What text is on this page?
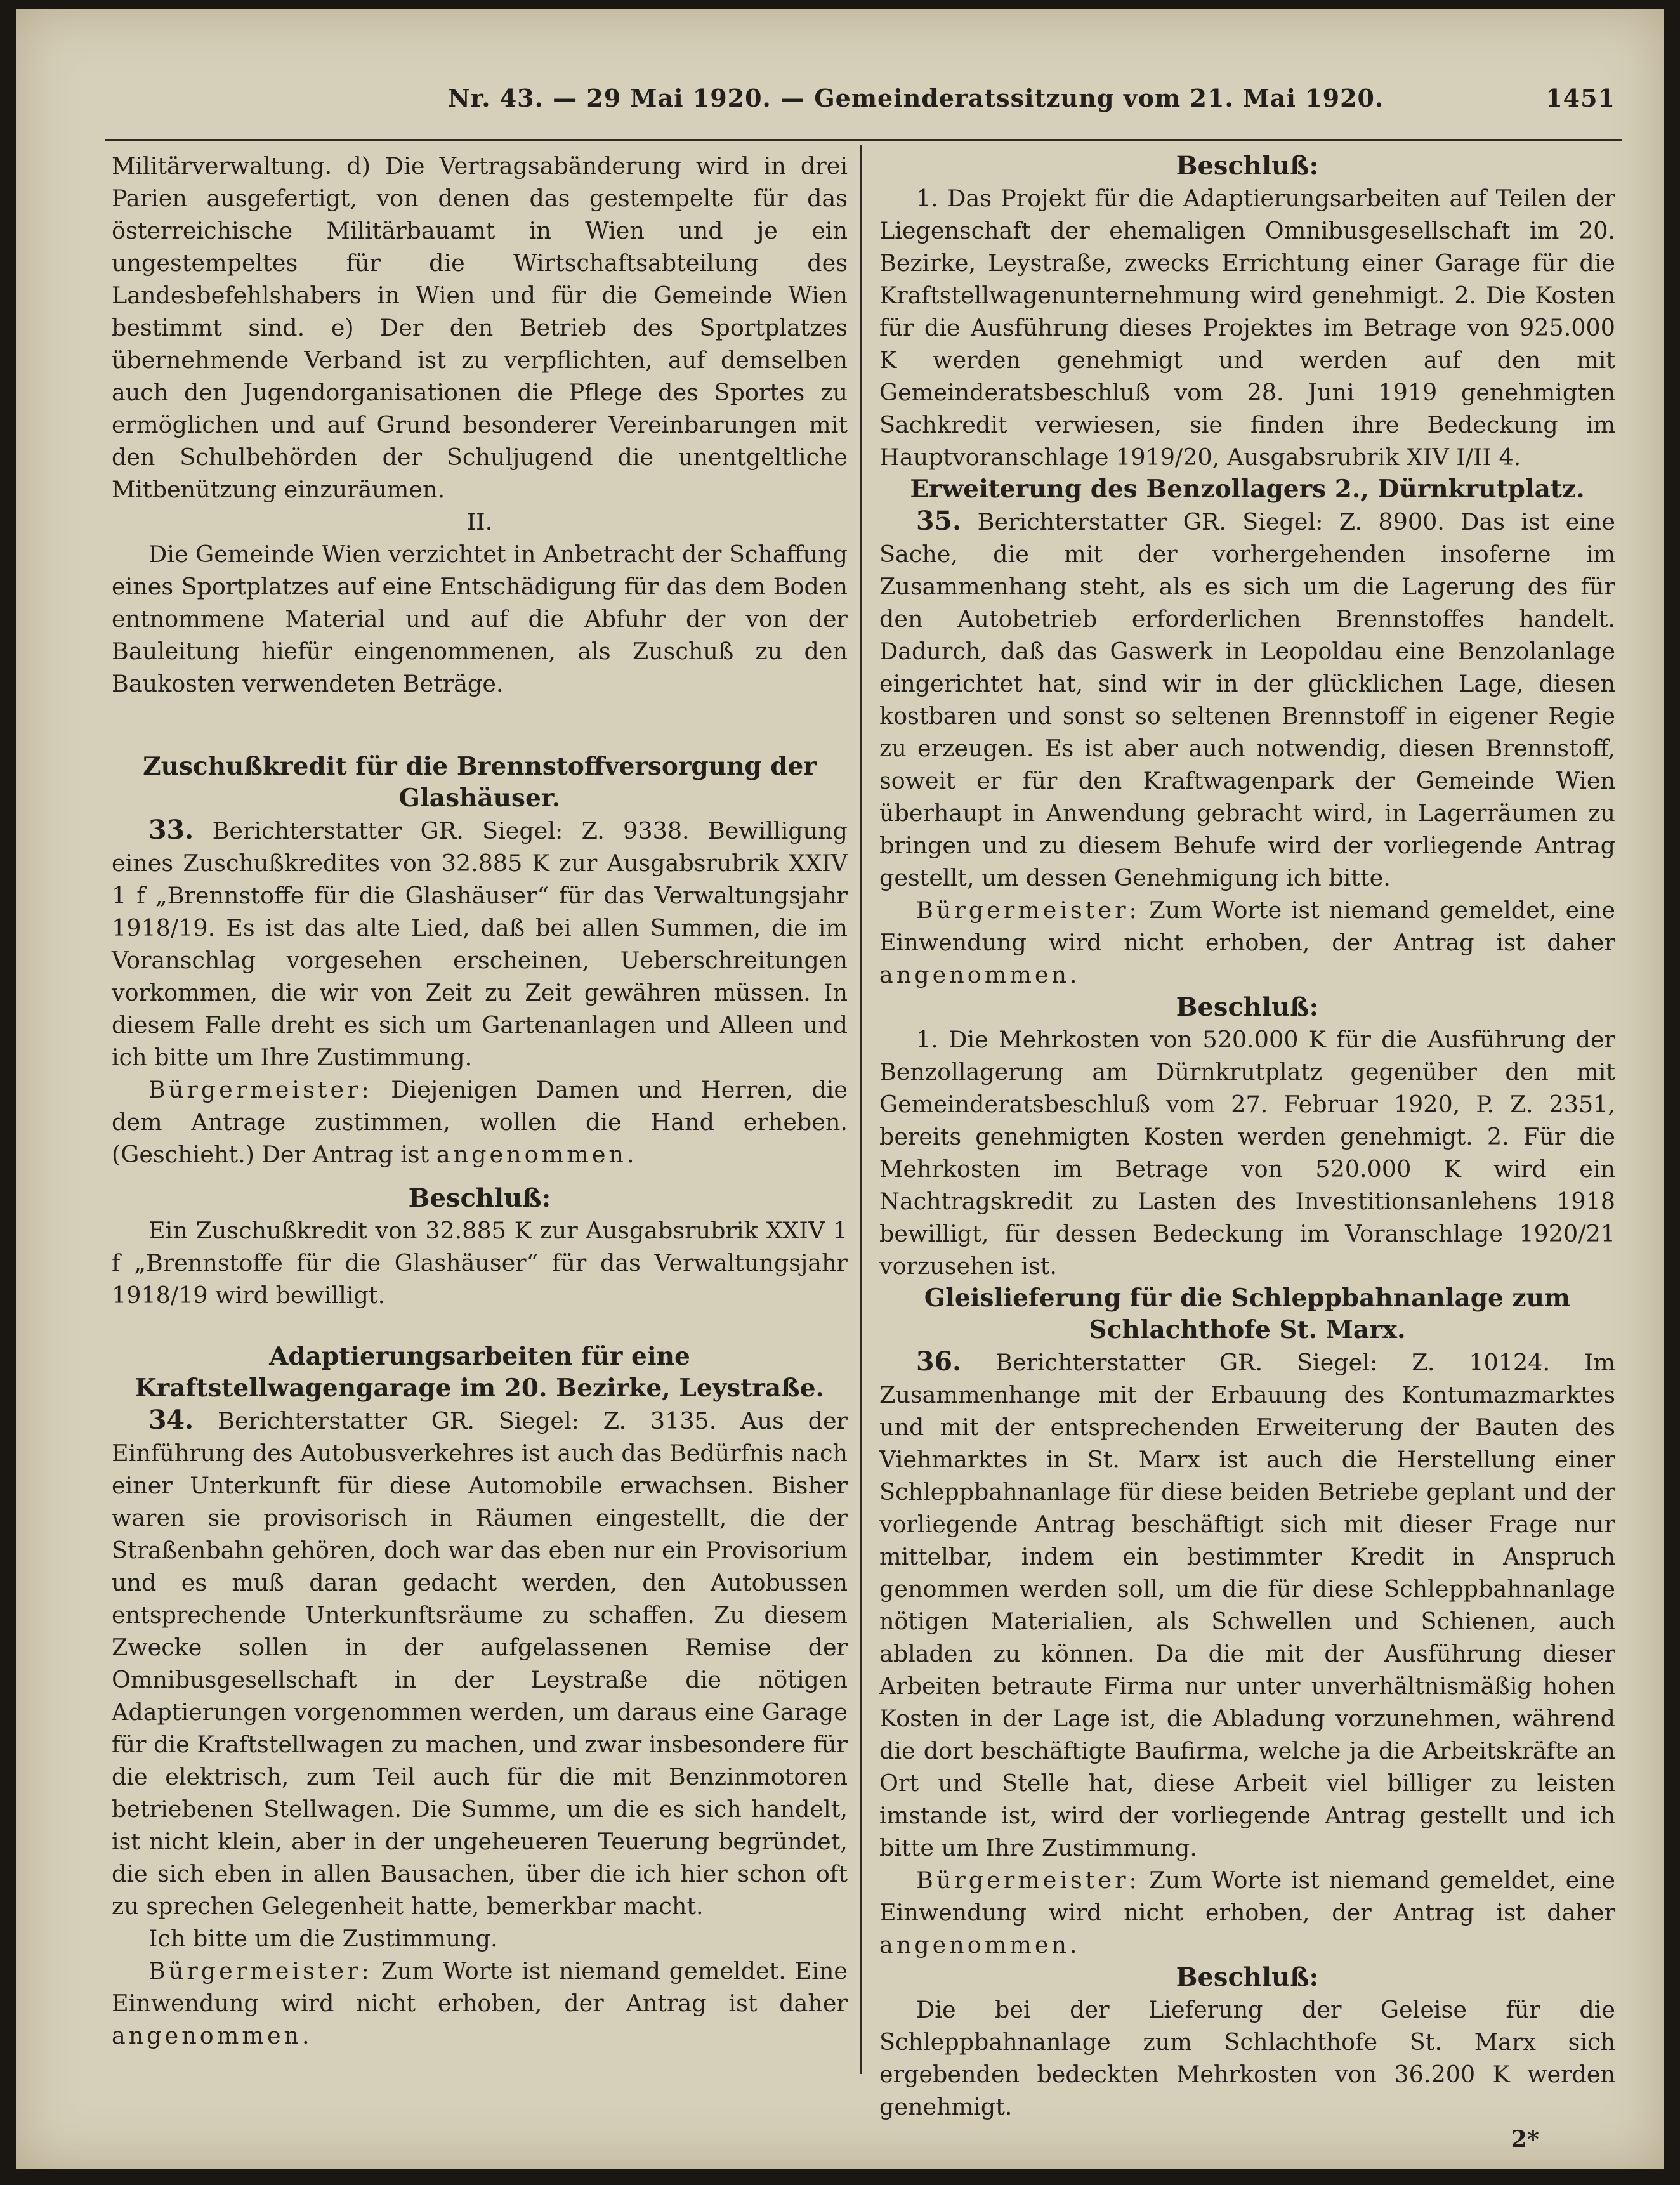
Nr. 43. — 29 Mai 1920. — Gemeinderatssitzung vom 21. Mai 1920.	1451

Militärverwaltung. d) Die Vertragsabänderung wird in drei Parien ausgefertigt, von denen das gestempelte für das österreichische Militärbauamt in Wien und je ein ungestempeltes für die Wirtschaftsabteilung des Landesbefehlshabers in Wien und für die Gemeinde Wien bestimmt sind. e) Der den Betrieb des Sportplatzes übernehmende Verband ist zu verpflichten, auf demselben auch den Jugendorganisationen die Pflege des Sportes zu ermöglichen und auf Grund besonderer Vereinbarungen mit den Schulbehörden der Schuljugend die unentgeltliche Mitbenützung einzuräumen.

II.

Die Gemeinde Wien verzichtet in Anbetracht der Schaffung eines Sportplatzes auf eine Entschädigung für das dem Boden entnommene Material und auf die Abfuhr der von der Bauleitung hiefür eingenommenen, als Zuschuß zu den Baukosten verwendeten Beträge.

Zuschußkredit für die Brennstoffversorgung der Glashäuser.

33. Berichterstatter GR. Siegel: Z. 9338. Bewilligung eines Zuschußkredites von 32.885 K zur Ausgabsrubrik XXIV 1 f „Brennstoffe für die Glashäuser“ für das Verwaltungsjahr 1918/19. Es ist das alte Lied, daß bei allen Summen, die im Voranschlag vorgesehen erscheinen, Ueberschreitungen vorkommen, die wir von Zeit zu Zeit gewähren müssen. In diesem Falle dreht es sich um Gartenanlagen und Alleen und ich bitte um Ihre Zustimmung.

Bürgermeister: Diejenigen Damen und Herren, die dem Antrage zustimmen, wollen die Hand erheben. (Geschieht.) Der Antrag ist angenommen.

Beschluß:

Ein Zuschußkredit von 32.885 K zur Ausgabsrubrik XXIV 1 f „Brennstoffe für die Glashäuser“ für das Verwaltungsjahr 1918/19 wird bewilligt.

Adaptierungsarbeiten für eine Kraftstellwagengarage im 20. Bezirke, Leystraße.

34. Berichterstatter GR. Siegel: Z. 3135. Aus der Einführung des Autobusverkehres ist auch das Bedürfnis nach einer Unterkunft für diese Automobile erwachsen. Bisher waren sie provisorisch in Räumen eingestellt, die der Straßenbahn gehören, doch war das eben nur ein Provisorium und es muß daran gedacht werden, den Autobussen entsprechende Unterkunftsräume zu schaffen. Zu diesem Zwecke sollen in der aufgelassenen Remise der Omnibusgesellschaft in der Leystraße die nötigen Adaptierungen vorgenommen werden, um daraus eine Garage für die Kraftstellwagen zu machen, und zwar insbesondere für die elektrisch, zum Teil auch für die mit Benzinmotoren betriebenen Stellwagen. Die Summe, um die es sich handelt, ist nicht klein, aber in der ungeheueren Teuerung begründet, die sich eben in allen Bausachen, über die ich hier schon oft zu sprechen Gelegenheit hatte, bemerkbar macht.

Ich bitte um die Zustimmung.

Bürgermeister: Zum Worte ist niemand gemeldet. Eine Einwendung wird nicht erhoben, der Antrag ist daher angenommen.

Beschluß:

1. Das Projekt für die Adaptierungsarbeiten auf Teilen der Liegenschaft der ehemaligen Omnibusgesellschaft im 20. Bezirke, Leystraße, zwecks Errichtung einer Garage für die Kraftstellwagenunternehmung wird genehmigt. 2. Die Kosten für die Ausführung dieses Projektes im Betrage von 925.000 K werden genehmigt und werden auf den mit Gemeinderatsbeschluß vom 28. Juni 1919 genehmigten Sachkredit verwiesen, sie finden ihre Bedeckung im Hauptvoranschlage 1919/20, Ausgabsrubrik XIV I/II 4.

Erweiterung des Benzollagers 2., Dürnkrutplatz.

35. Berichterstatter GR. Siegel: Z. 8900. Das ist eine Sache, die mit der vorhergehenden insoferne im Zusammenhang steht, als es sich um die Lagerung des für den Autobetrieb erforderlichen Brennstoffes handelt. Dadurch, daß das Gaswerk in Leopoldau eine Benzolanlage eingerichtet hat, sind wir in der glücklichen Lage, diesen kostbaren und sonst so seltenen Brennstoff in eigener Regie zu erzeugen. Es ist aber auch notwendig, diesen Brennstoff, soweit er für den Kraftwagenpark der Gemeinde Wien überhaupt in Anwendung gebracht wird, in Lagerräumen zu bringen und zu diesem Behufe wird der vorliegende Antrag gestellt, um dessen Genehmigung ich bitte.

Bürgermeister: Zum Worte ist niemand gemeldet, eine Einwendung wird nicht erhoben, der Antrag ist daher angenommen.

Beschluß:

1. Die Mehrkosten von 520.000 K für die Ausführung der Benzollagerung am Dürnkrutplatz gegenüber den mit Gemeinderatsbeschluß vom 27. Februar 1920, P. Z. 2351, bereits genehmigten Kosten werden genehmigt. 2. Für die Mehrkosten im Betrage von 520.000 K wird ein Nachtragskredit zu Lasten des Investitionsanlehens 1918 bewilligt, für dessen Bedeckung im Voranschlage 1920/21 vorzusehen ist.

Gleislieferung für die Schleppbahnanlage zum Schlachthofe St. Marx.

36. Berichterstatter GR. Siegel: Z. 10124. Im Zusammenhange mit der Erbauung des Kontumazmarktes und mit der entsprechenden Erweiterung der Bauten des Viehmarktes in St. Marx ist auch die Herstellung einer Schleppbahnanlage für diese beiden Betriebe geplant und der vorliegende Antrag beschäftigt sich mit dieser Frage nur mittelbar, indem ein bestimmter Kredit in Anspruch genommen werden soll, um die für diese Schleppbahnanlage nötigen Materialien, als Schwellen und Schienen, auch abladen zu können. Da die mit der Ausführung dieser Arbeiten betraute Firma nur unter unverhältnismäßig hohen Kosten in der Lage ist, die Abladung vorzunehmen, während die dort beschäftigte Baufirma, welche ja die Arbeitskräfte an Ort und Stelle hat, diese Arbeit viel billiger zu leisten imstande ist, wird der vorliegende Antrag gestellt und ich bitte um Ihre Zustimmung.

Bürgermeister: Zum Worte ist niemand gemeldet, eine Einwendung wird nicht erhoben, der Antrag ist daher angenommen.

Beschluß:

Die bei der Lieferung der Geleise für die Schleppbahnanlage zum Schlachthofe St. Marx sich ergebenden bedeckten Mehrkosten von 36.200 K werden genehmigt.

2*
